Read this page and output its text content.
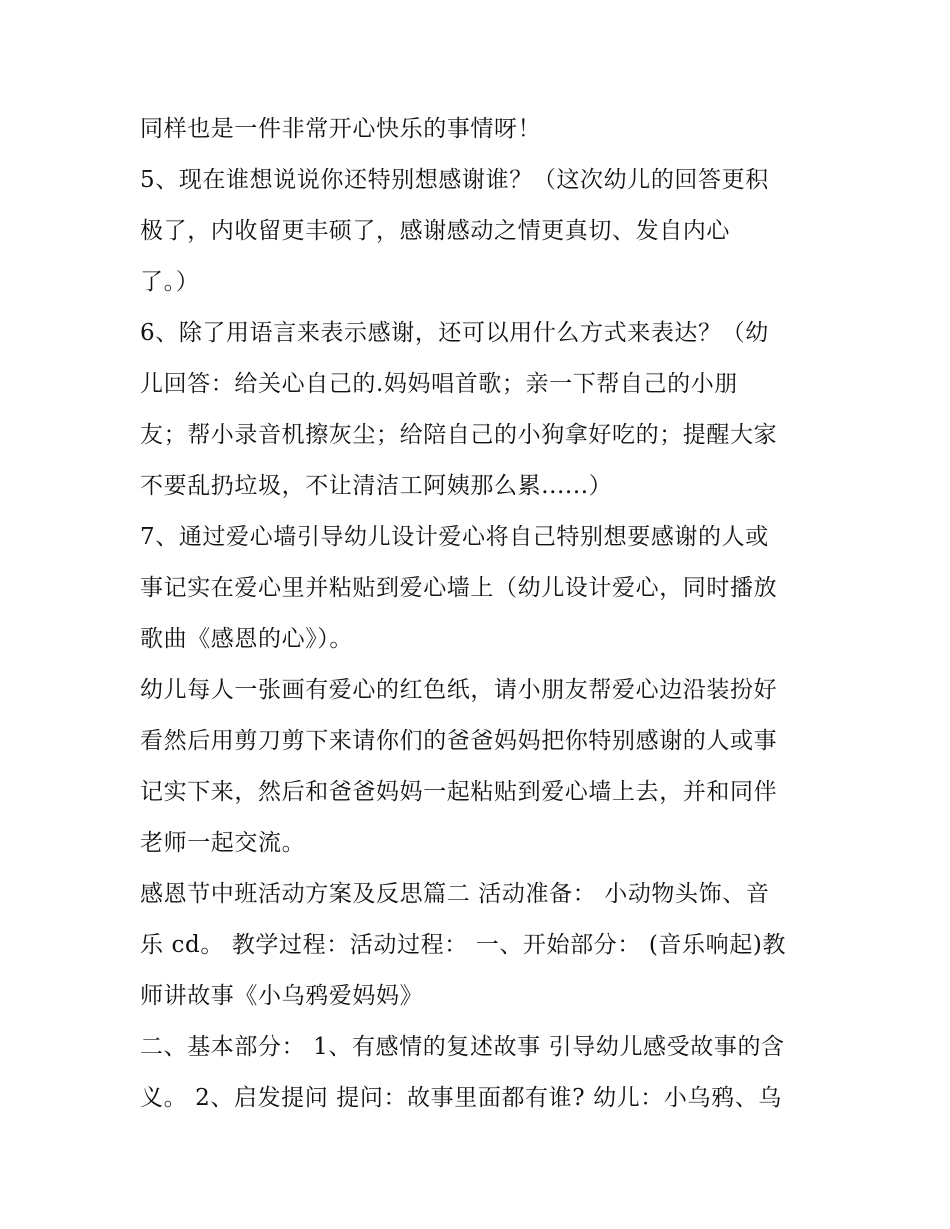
同样也是一件非常开心快乐的事情呀！
5、现在谁想说说你还特别想感谢谁？（这次幼儿的回答更积
极了，内收留更丰硕了，感谢感动之情更真切、发自内心
了。）
6、除了用语言来表示感谢，还可以用什么方式来表达？（幼
儿回答：给关心自己的.妈妈唱首歌；亲一下帮自己的小朋
友；帮小录音机擦灰尘；给陪自己的小狗拿好吃的；提醒大家
不要乱扔垃圾，不让清洁工阿姨那么累......）
7、通过爱心墙引导幼儿设计爱心将自己特别想要感谢的人或
事记实在爱心里并粘贴到爱心墙上（幼儿设计爱心，同时播放
歌曲《感恩的心》）。
幼儿每人一张画有爱心的红色纸，请小朋友帮爱心边沿装扮好
看然后用剪刀剪下来请你们的爸爸妈妈把你特别感谢的人或事
记实下来，然后和爸爸妈妈一起粘贴到爱心墙上去，并和同伴
老师一起交流。
感恩节中班活动方案及反思篇二 活动准备： 小动物头饰、音
乐 cd。 教学过程：活动过程： 一、开始部分： (音乐响起)教
师讲故事《小乌鸦爱妈妈》
二、基本部分： 1、有感情的复述故事 引导幼儿感受故事的含
义。 2、启发提问 提问：故事里面都有谁? 幼儿：小乌鸦、乌
